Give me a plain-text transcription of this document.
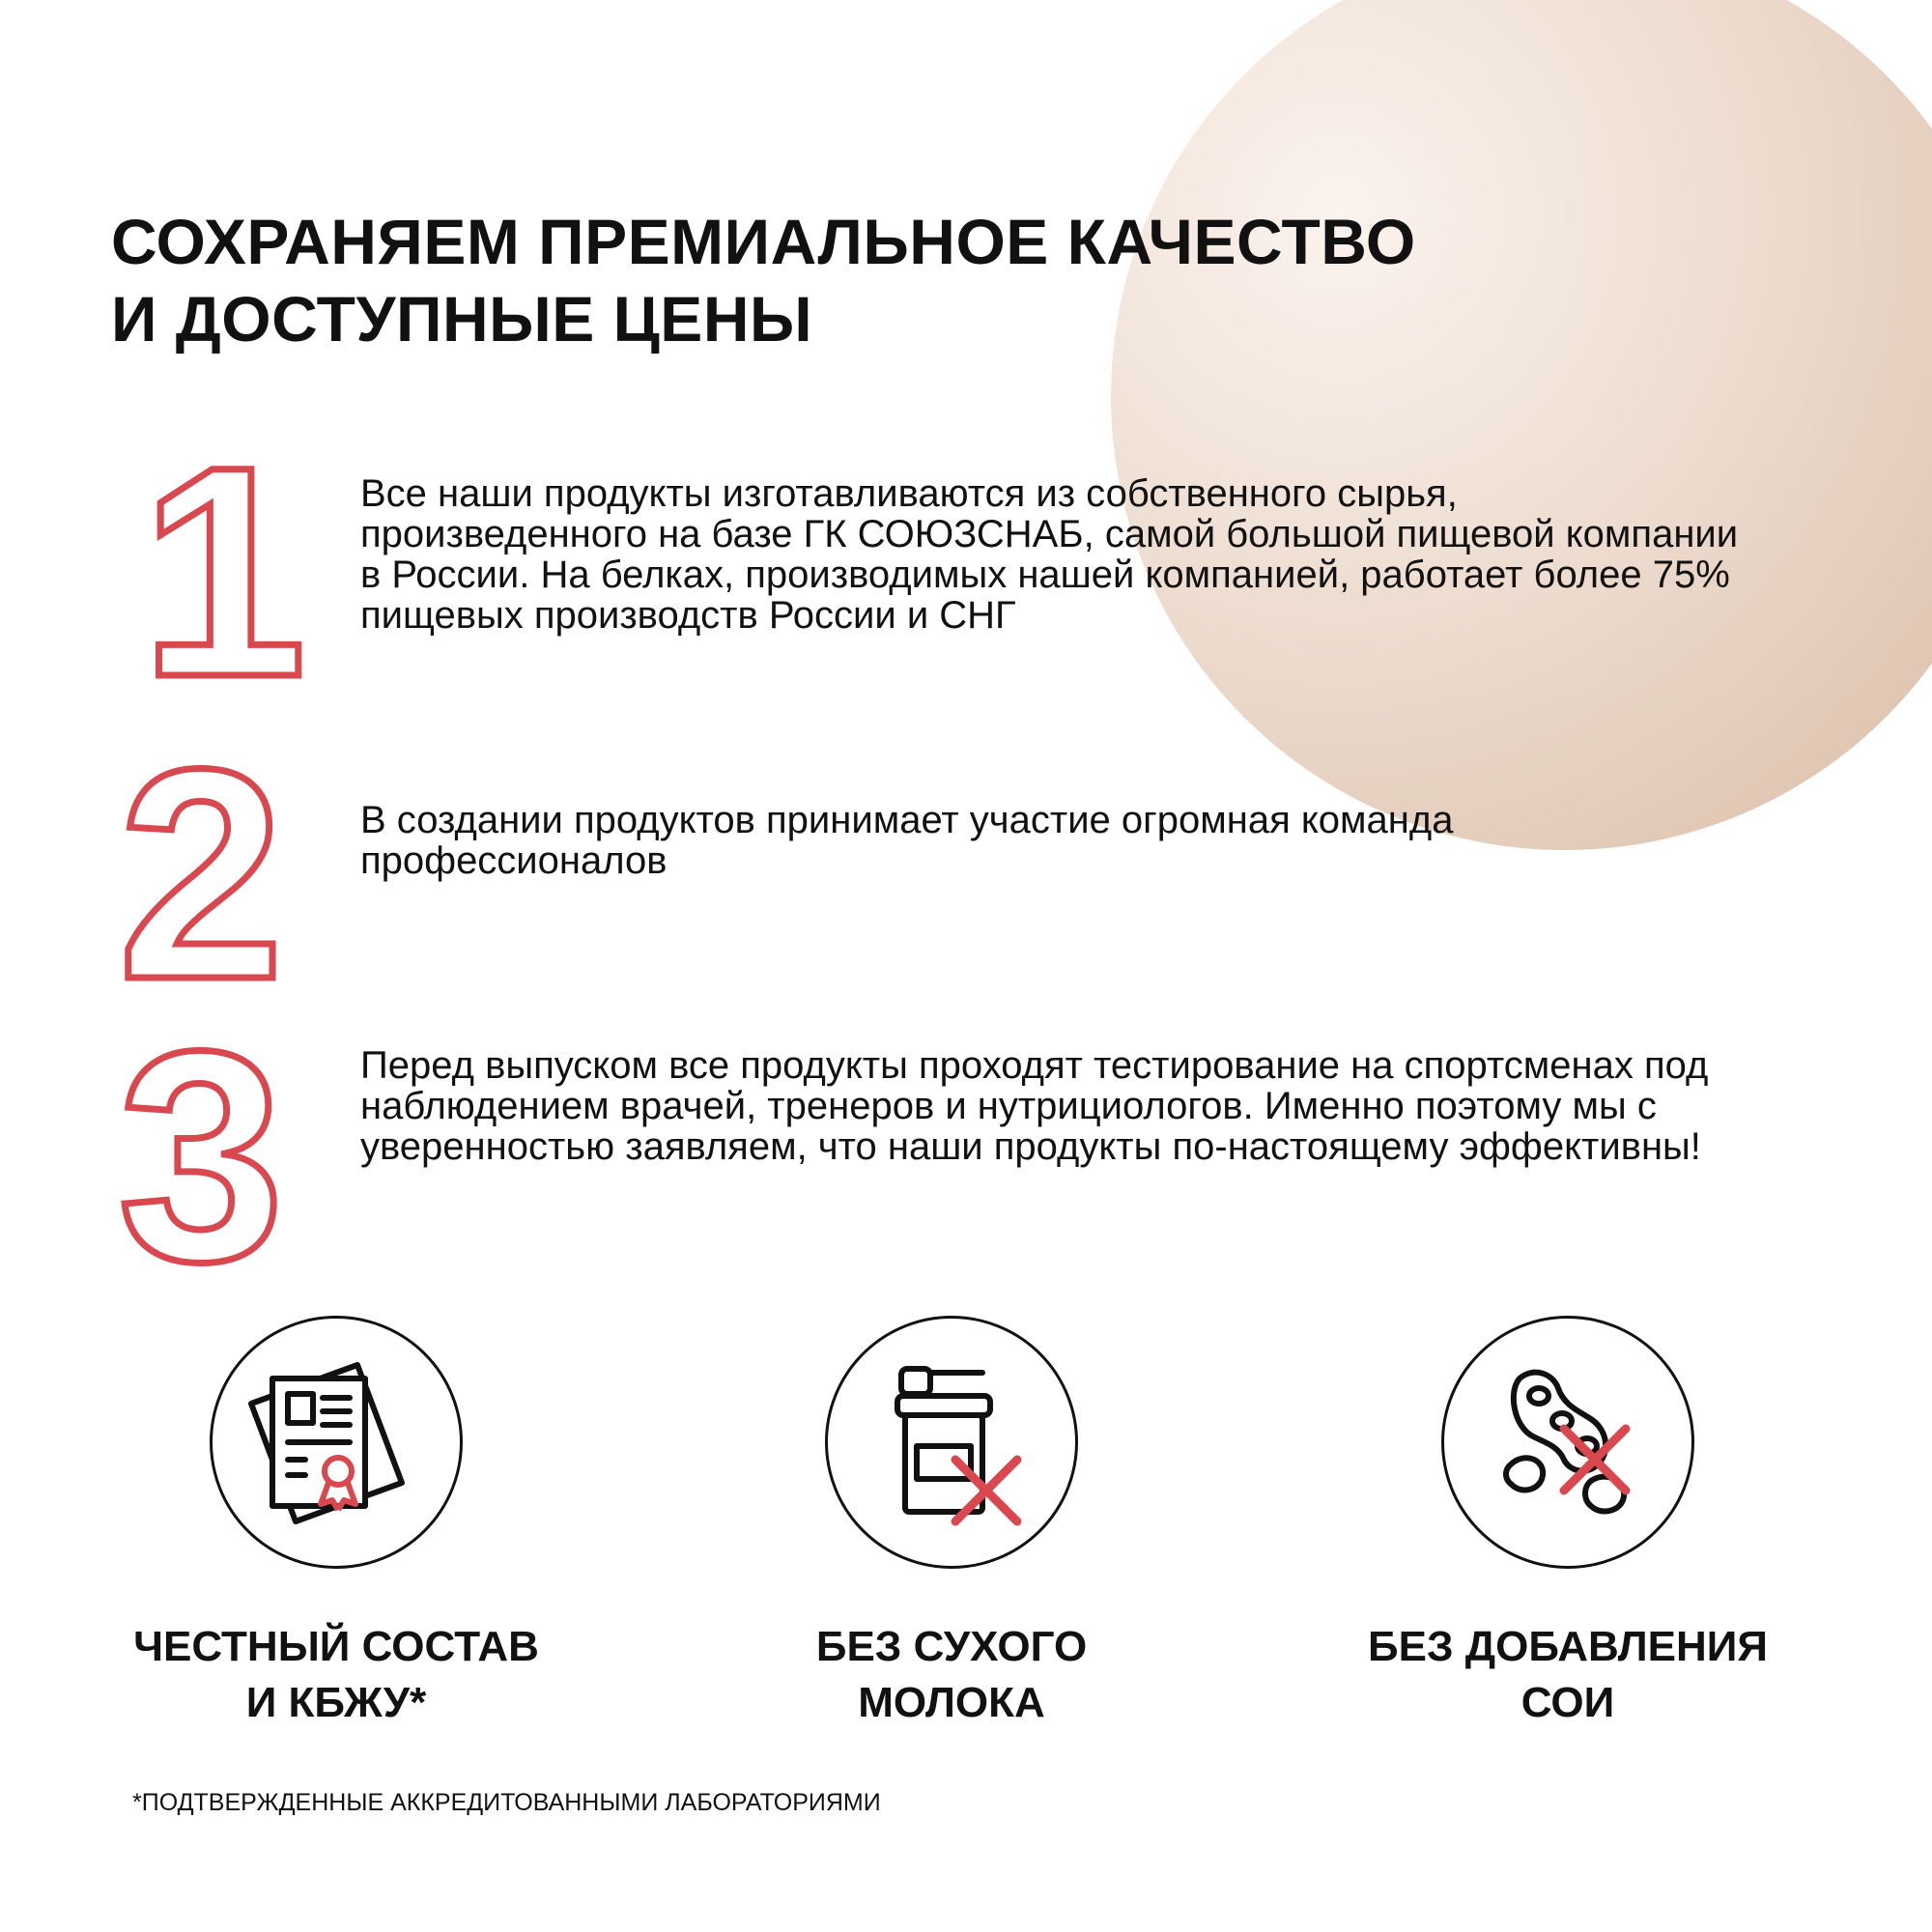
СОХРАНЯЕМ ПРЕМИАЛЬНОЕ КАЧЕСТВО
И ДОСТУПНЫЕ ЦЕНЫ
1 Все наши продукты изготавливаются из собственного сырья, произведенного на базе ГК СОЮЗСНАБ, самой большой пищевой компании в России. На белках, производимых нашей компанией, работает более 75% пищевых производств России и СНГ

2 В создании продуктов принимает участие огромная команда профессионалов

3 Перед выпуском все продукты проходят тестирование на спортсменах под наблюдением врачей, тренеров и нутрициологов. Именно поэтому мы с уверенностью заявляем, что наши продукты по-настоящему эффективны!

ЧЕСТНЫЙ СОСТАВ
И КБЖУ*
БЕЗ СУХОГО
МОЛОКА
БЕЗ ДОБАВЛЕНИЯ
СОИ
*ПОДТВЕРЖДЕННЫЕ АККРЕДИТОВАННЫМИ ЛАБОРАТОРИЯМИ
